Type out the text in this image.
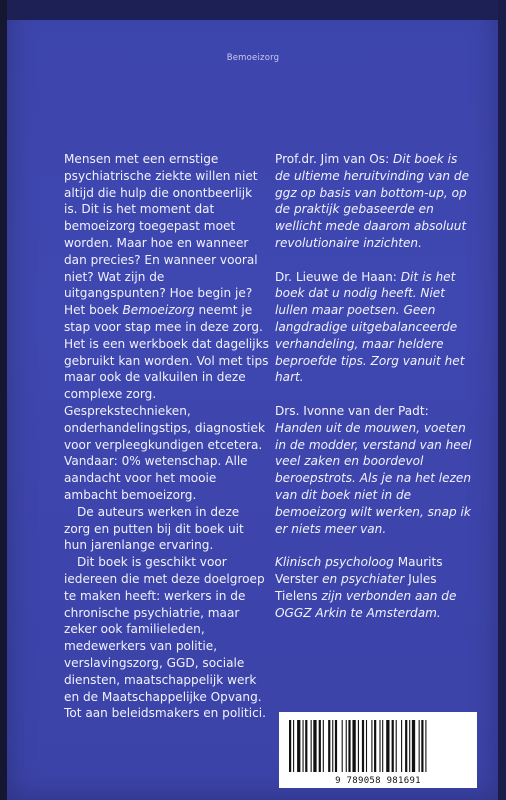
Bemoeizorg

Mensen met een ernstige psychiatrische ziekte willen niet altijd die hulp die onontbeerlijk is. Dit is het moment dat bemoeizorg toegepast moet worden. Maar hoe en wanneer dan precies? En wanneer vooral niet? Wat zijn de uitgangspunten? Hoe begin je? Het boek Bemoeizorg neemt je stap voor stap mee in deze zorg. Het is een werkboek dat dagelijks gebruikt kan worden. Vol met tips maar ook de valkuilen in deze complexe zorg. Gesprekstechnieken, onderhandelingstips, diagnostiek voor verpleegkundigen etcetera. Vandaar: 0% wetenschap. Alle aandacht voor het mooie ambacht bemoeizorg.

De auteurs werken in deze zorg en putten bij dit boek uit hun jarenlange ervaring.

Dit boek is geschikt voor iedereen die met deze doelgroep te maken heeft: werkers in de chronische psychiatrie, maar zeker ook familieleden, medewerkers van politie, verslavingszorg, GGD, sociale diensten, maatschappelijk werk en de Maatschappelijke Opvang. Tot aan beleidsmakers en politici.

Prof.dr. Jim van Os: Dit boek is de ultieme heruitvinding van de ggz op basis van bottom-up, op de praktijk gebaseerde en wellicht mede daarom absoluut revolutionaire inzichten.

Dr. Lieuwe de Haan: Dit is het boek dat u nodig heeft. Niet lullen maar poetsen. Geen langdradige uitgebalanceerde verhandeling, maar heldere beproefde tips. Zorg vanuit het hart.

Drs. Ivonne van der Padt: Handen uit de mouwen, voeten in de modder, verstand van heel veel zaken en boordevol beroepstrots. Als je na het lezen van dit boek niet in de bemoeizorg wilt werken, snap ik er niets meer van.

Klinisch psycholoog Maurits Verster en psychiater Jules Tielens zijn verbonden aan de OGGZ Arkin te Amsterdam.

9 789058 981691
